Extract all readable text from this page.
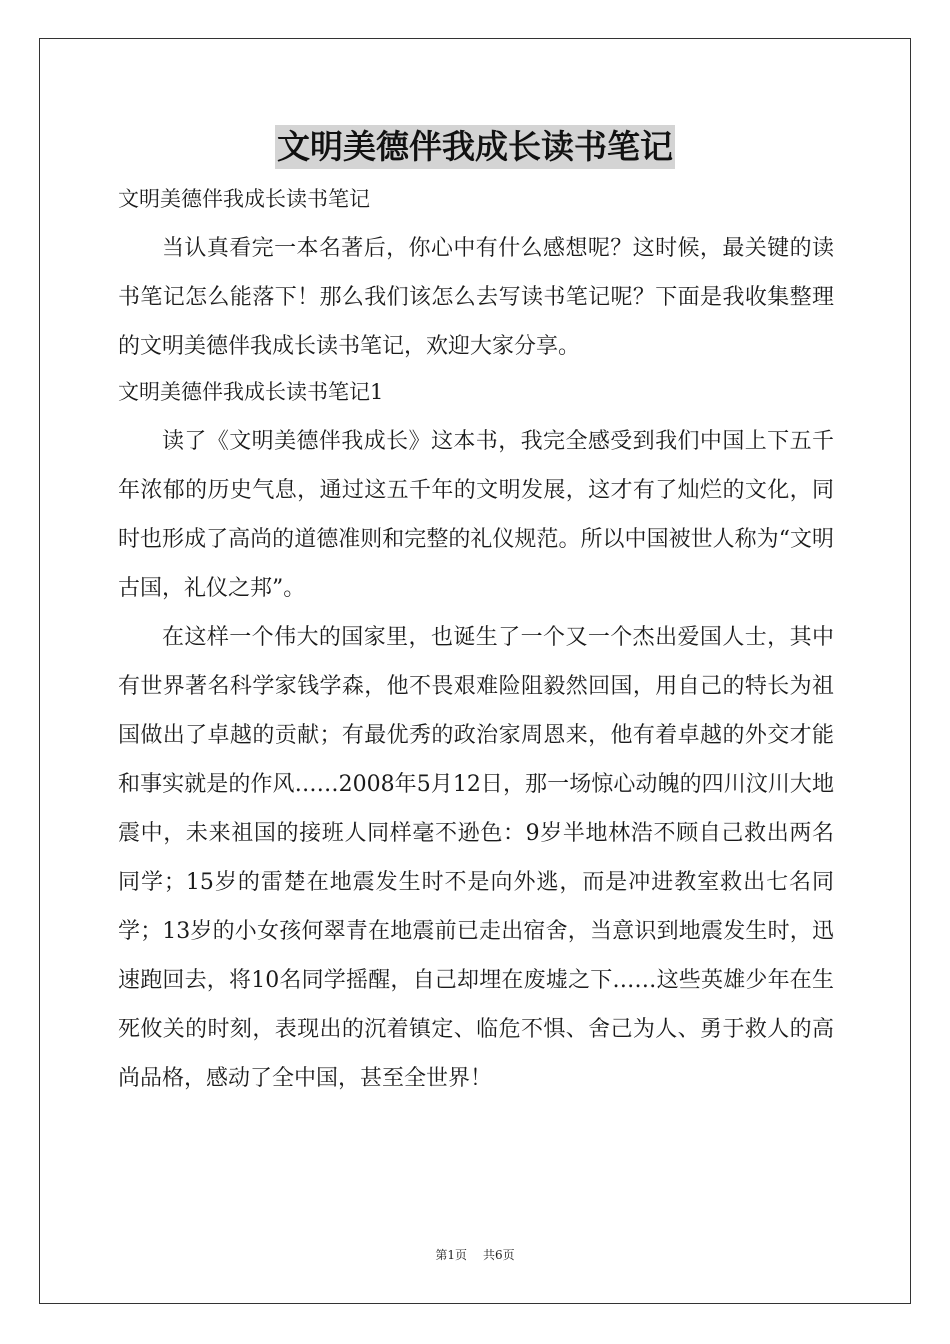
文明美德伴我成长读书笔记

文明美德伴我成长读书笔记

当认真看完一本名著后，你心中有什么感想呢？这时候，最关键的读书笔记怎么能落下！那么我们该怎么去写读书笔记呢？下面是我收集整理的文明美德伴我成长读书笔记，欢迎大家分享。

文明美德伴我成长读书笔记1

读了《文明美德伴我成长》这本书，我完全感受到我们中国上下五千年浓郁的历史气息，通过这五千年的文明发展，这才有了灿烂的文化，同时也形成了高尚的道德准则和完整的礼仪规范。所以中国被世人称为“文明古国，礼仪之邦”。

在这样一个伟大的国家里，也诞生了一个又一个杰出爱国人士，其中有世界著名科学家钱学森，他不畏艰难险阻毅然回国，用自己的特长为祖国做出了卓越的贡献；有最优秀的政治家周恩来，他有着卓越的外交才能和事实就是的作风……2008年5月12日，那一场惊心动魄的四川汶川大地震中，未来祖国的接班人同样毫不逊色：9岁半地林浩不顾自己救出两名同学；15岁的雷楚在地震发生时不是向外逃，而是冲进教室救出七名同学；13岁的小女孩何翠青在地震前已走出宿舍，当意识到地震发生时，迅速跑回去，将10名同学摇醒，自己却埋在废墟之下……这些英雄少年在生死攸关的时刻，表现出的沉着镇定、临危不惧、舍己为人、勇于救人的高尚品格，感动了全中国，甚至全世界！

第1页 共6页
